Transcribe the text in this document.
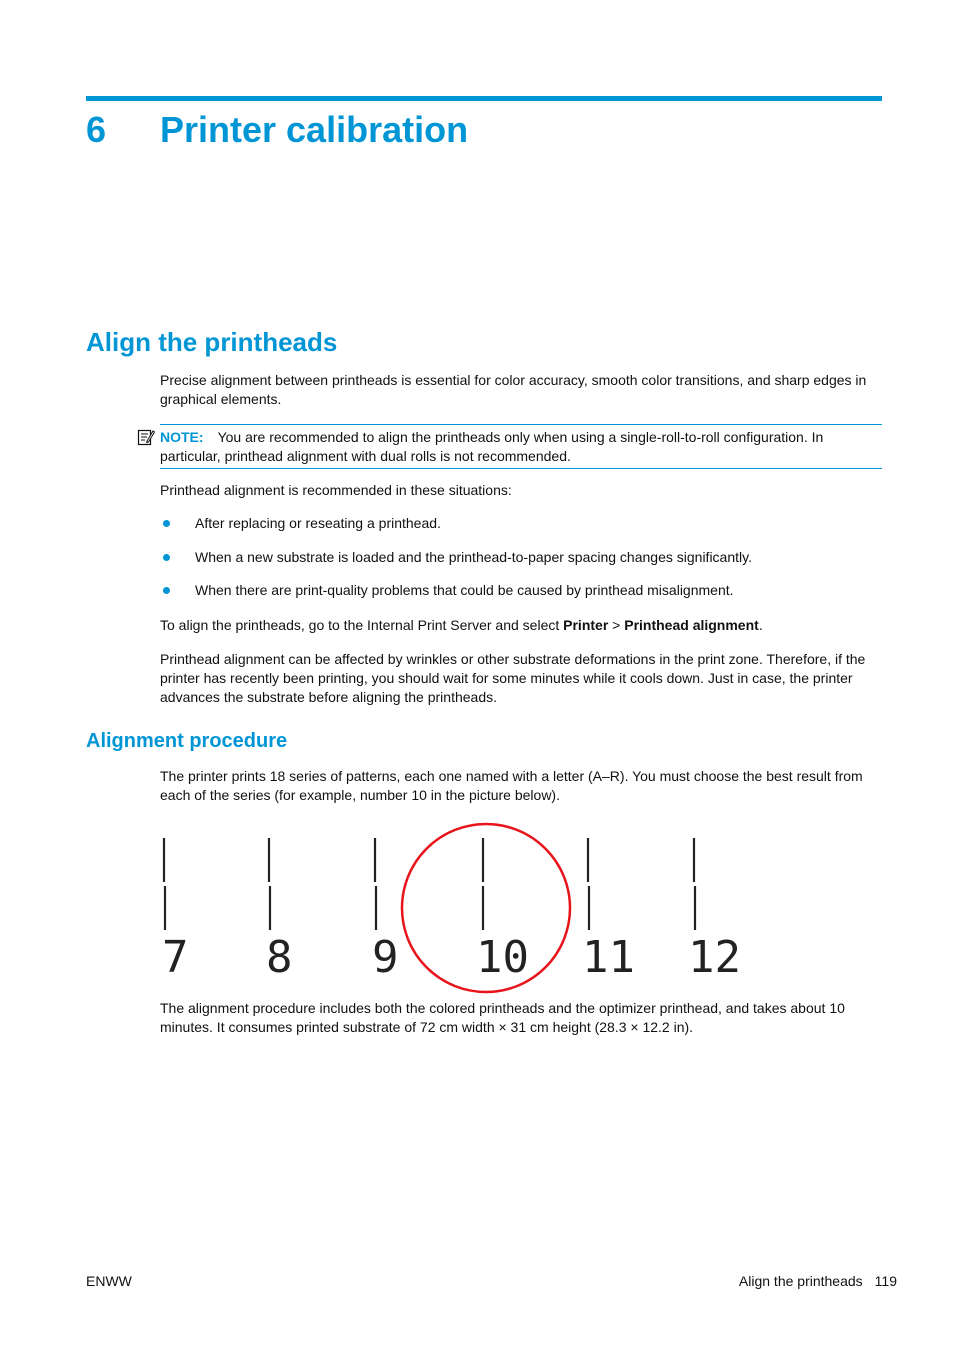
6 Printer calibration
Align the printheads
Precise alignment between printheads is essential for color accuracy, smooth color transitions, and sharp edges in graphical elements.
NOTE: You are recommended to align the printheads only when using a single-roll-to-roll configuration. In particular, printhead alignment with dual rolls is not recommended.
Printhead alignment is recommended in these situations:
After replacing or reseating a printhead.
When a new substrate is loaded and the printhead-to-paper spacing changes significantly.
When there are print-quality problems that could be caused by printhead misalignment.
To align the printheads, go to the Internal Print Server and select Printer > Printhead alignment.
Printhead alignment can be affected by wrinkles or other substrate deformations in the print zone. Therefore, if the printer has recently been printing, you should wait for some minutes while it cools down. Just in case, the printer advances the substrate before aligning the printheads.
Alignment procedure
The printer prints 18 series of patterns, each one named with a letter (A–R). You must choose the best result from each of the series (for example, number 10 in the picture below).
7 8 9 10 11 12
The alignment procedure includes both the colored printheads and the optimizer printhead, and takes about 10 minutes. It consumes printed substrate of 72 cm width × 31 cm height (28.3 × 12.2 in).
ENWW	Align the printheads 119
